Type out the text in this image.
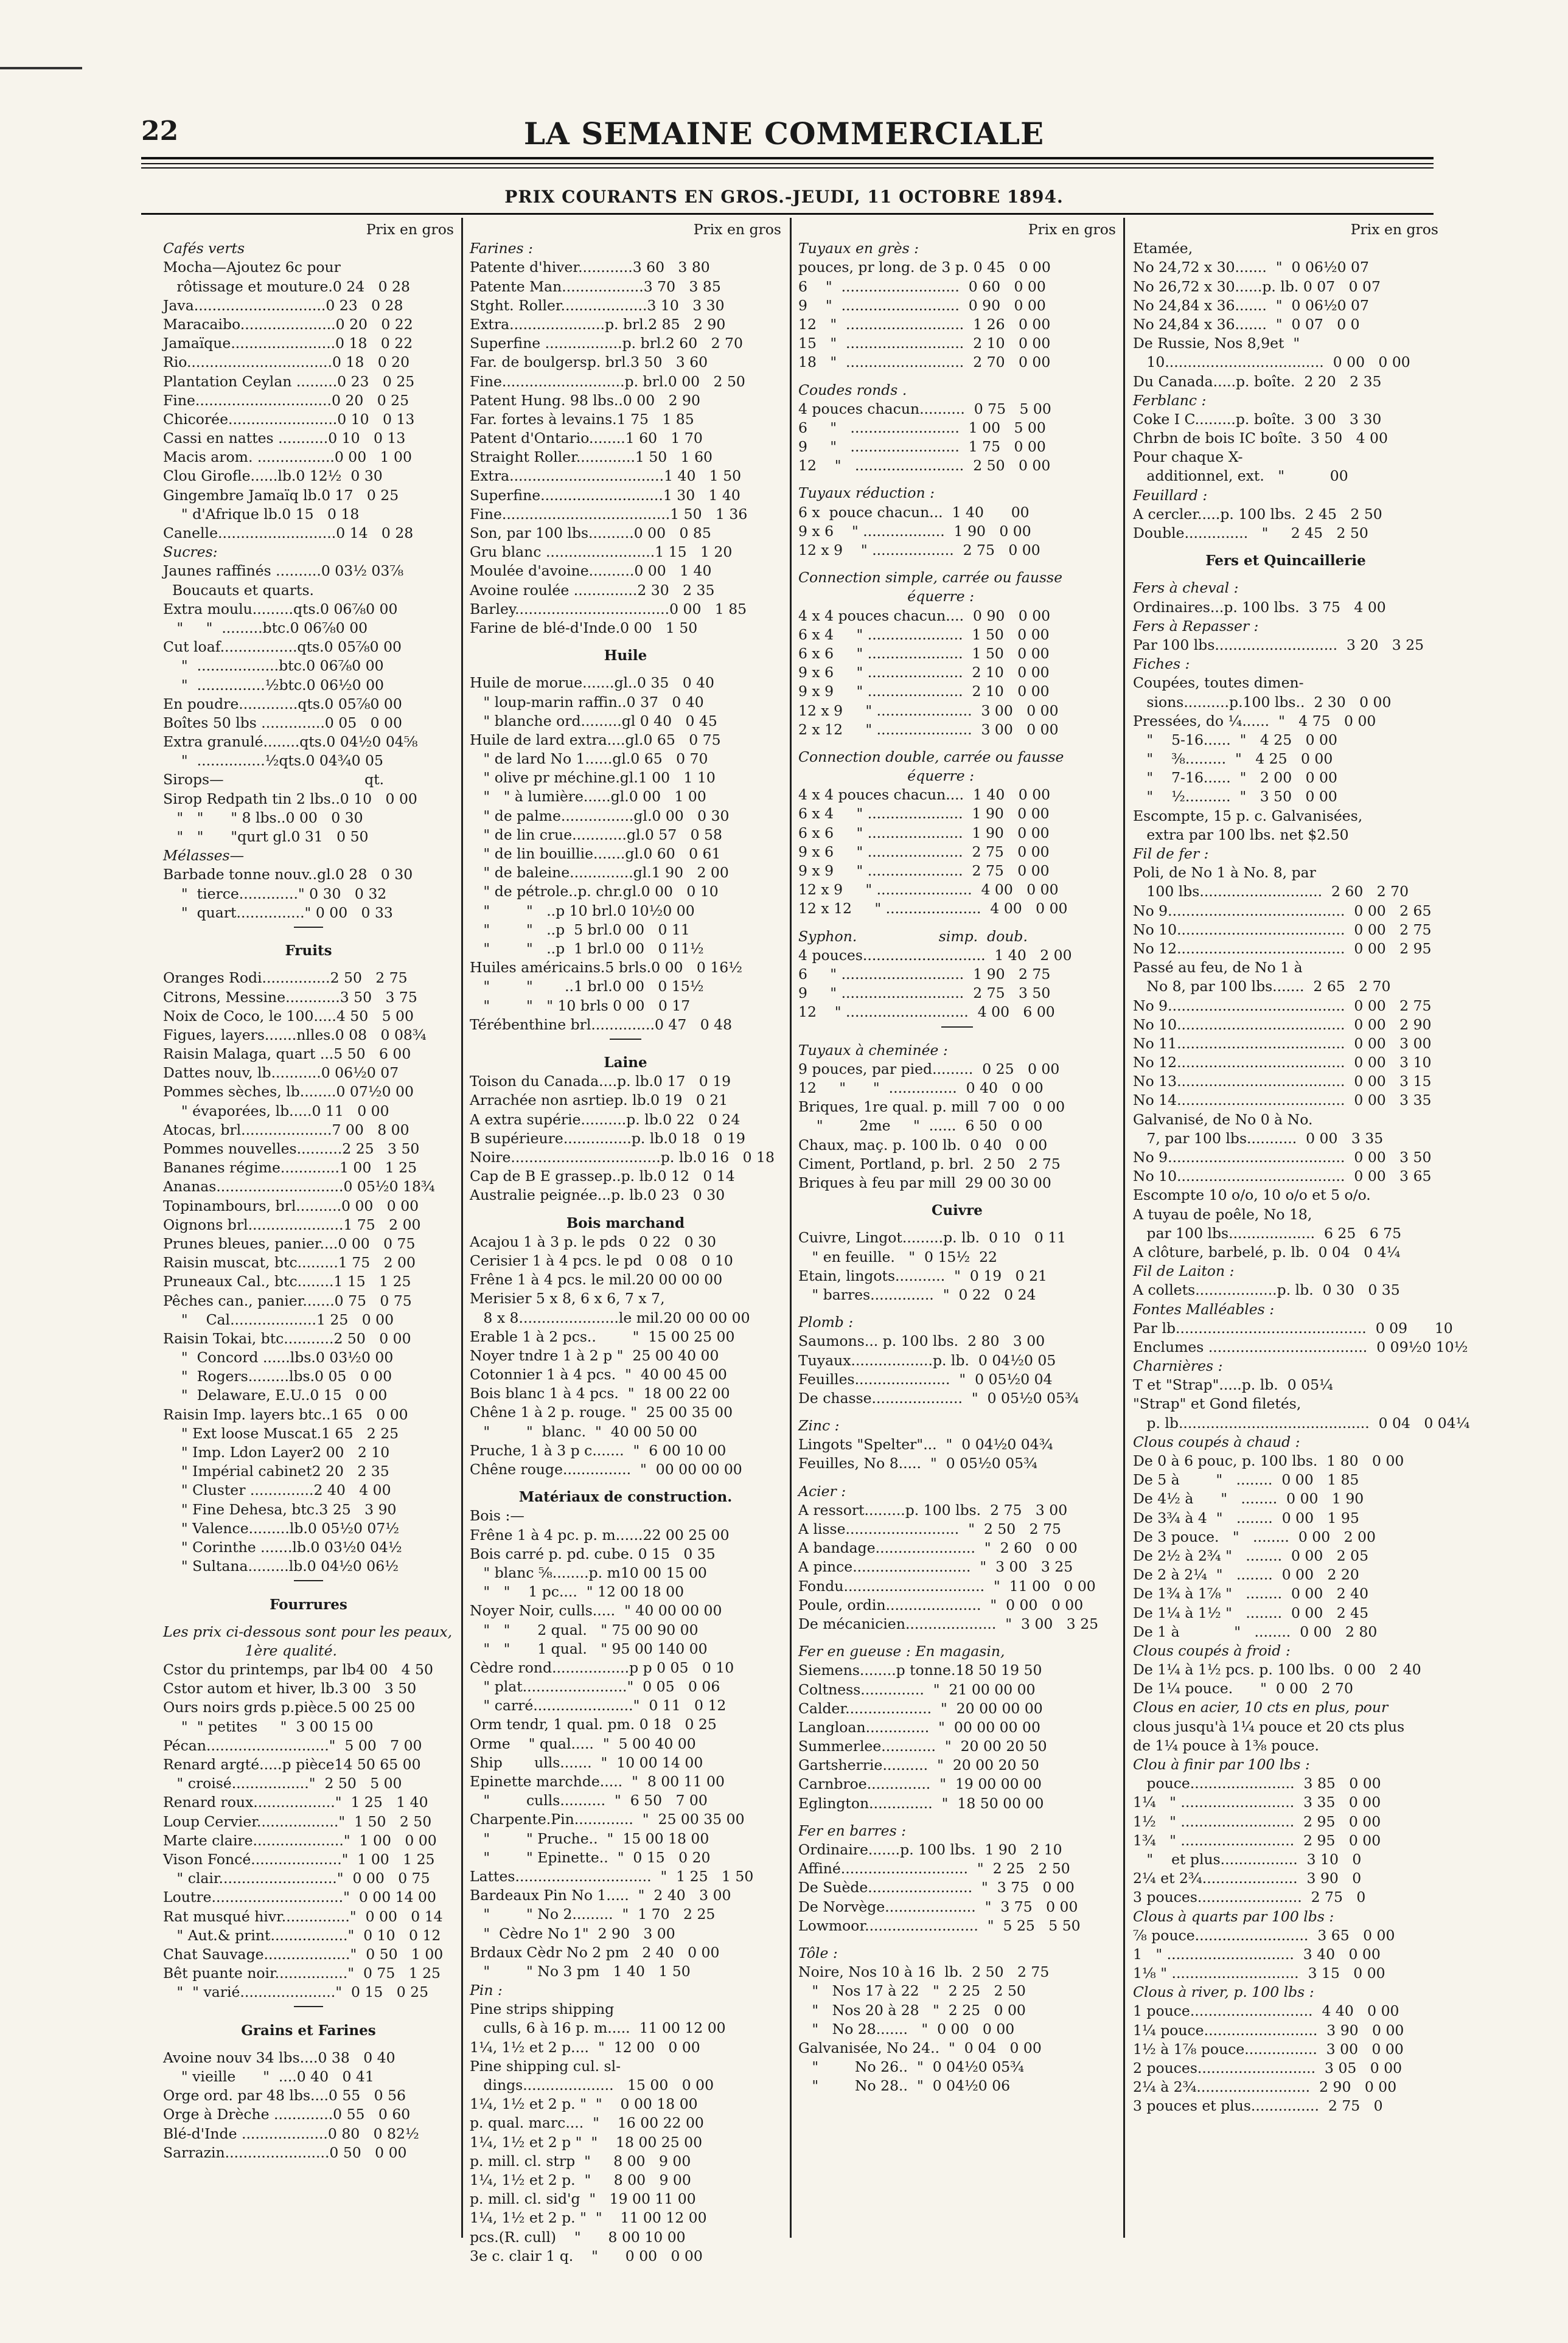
22	LA SEMAINE COMMERCIALE
PRIX COURANTS EN GROS.-JEUDI, 11 OCTOBRE 1894.
Prix en gros
Cafés verts
Mocha—Ajoutez 6c pour
rôtissage et mouture.0 24   0 28
Java.............................0 23   0 28
Maracaibo.....................0 20   0 22
Jamaïque.......................0 18   0 22
Rio................................0 18   0 20
Plantation Ceylan .........0 23   0 25
Fine..............................0 20   0 25
Chicorée........................0 10   0 13
Cassi en nattes ...........0 10   0 13
Macis arom. .................0 00   1 00
Clou Girofle......lb.0 12½  0 30
Gingembre Jamaïq lb.0 17   0 25
" d'Afrique lb.0 15   0 18
Canelle..........................0 14   0 28
Sucres:
Jaunes raffinés ..........0 03½ 03⅞
Boucauts et quarts.
Extra moulu.........qts.0 06⅞0 00
"     "  .........btc.0 06⅞0 00
Cut loaf.................qts.0 05⅞0 00
"  ..................btc.0 06⅞0 00
"  ...............½btc.0 06½0 00
En poudre.............qts.0 05⅞0 00
Boîtes 50 lbs ..............0 05   0 00
Extra granulé........qts.0 04½0 04⅝
"  ...............½qts.0 04¾0 05
Sirops—                               qt.
Sirop Redpath tin 2 lbs..0 10   0 00
"   "      " 8 lbs..0 00   0 30
"   "      "qurt gl.0 31   0 50
Mélasses—
Barbade tonne nouv..gl.0 28   0 30
"  tierce............." 0 30   0 32
"  quart..............." 0 00   0 33
Fruits
Oranges Rodi...............2 50   2 75
Citrons, Messine............3 50   3 75
Noix de Coco, le 100.....4 50   5 00
Figues, layers.......nlles.0 08   0 08¾
Raisin Malaga, quart ...5 50   6 00
Dattes nouv, lb...........0 06½0 07
Pommes sèches, lb........0 07½0 00
" évaporées, lb.....0 11   0 00
Atocas, brl....................7 00   8 00
Pommes nouvelles..........2 25   3 50
Bananes régime.............1 00   1 25
Ananas............................0 05½0 18¾
Topinambours, brl..........0 00   0 00
Oignons brl.....................1 75   2 00
Prunes bleues, panier....0 00   0 75
Raisin muscat, btc.........1 75   2 00
Pruneaux Cal., btc........1 15   1 25
Pêches can., panier.......0 75   0 75
"    Cal...................1 25   0 00
Raisin Tokai, btc...........2 50   0 00
"  Concord ......lbs.0 03½0 00
"  Rogers.........lbs.0 05   0 00
"  Delaware, E.U..0 15   0 00
Raisin Imp. layers btc..1 65   0 00
" Ext loose Muscat.1 65   2 25
" Imp. Ldon Layer2 00   2 10
" Impérial cabinet2 20   2 35
" Cluster ..............2 40   4 00
" Fine Dehesa, btc.3 25   3 90
" Valence.........lb.0 05½0 07½
" Corinthe .......lb.0 03½0 04½
" Sultana.........lb.0 04½0 06½
Fourrures
Les prix ci-dessous sont pour les peaux,
1ère qualité.
Cstor du printemps, par lb4 00   4 50
Cstor autom et hiver, lb.3 00   3 50
Ours noirs grds p.pièce.5 00 25 00
"  " petites     "  3 00 15 00
Pécan..........................."  5 00   7 00
Renard argté.....p pièce14 50 65 00
" croisé................."  2 50   5 00
Renard roux.................."  1 25   1 40
Loup Cervier.................."  1 50   2 50
Marte claire...................."  1 00   0 00
Vison Foncé...................."  1 00   1 25
" clair.........................."  0 00   0 75
Loutre............................."  0 00 14 00
Rat musqué hivr..............."  0 00   0 14
" Aut.& print................."  0 10   0 12
Chat Sauvage..................."  0 50   1 00
Bêt puante noir................"  0 75   1 25
"  " varié....................."  0 15   0 25
Grains et Farines
Avoine nouv 34 lbs....0 38   0 40
" vieille      "  ....0 40   0 41
Orge ord. par 48 lbs....0 55   0 56
Orge à Drèche .............0 55   0 60
Blé-d'Inde ...................0 80   0 82½
Sarrazin.......................0 50   0 00
Prix en gros
Farines :
Patente d'hiver............3 60   3 80
Patente Man..................3 70   3 85
Stght. Roller...................3 10   3 30
Extra.....................p. brl.2 85   2 90
Superfine .................p. brl.2 60   2 70
Far. de boulgersp. brl.3 50   3 60
Fine...........................p. brl.0 00   2 50
Patent Hung. 98 lbs..0 00   2 90
Far. fortes à levains.1 75   1 85
Patent d'Ontario........1 60   1 70
Straight Roller.............1 50   1 60
Extra..................................1 40   1 50
Superfine...........................1 30   1 40
Fine.....................................1 50   1 36
Son, par 100 lbs..........0 00   0 85
Gru blanc ........................1 15   1 20
Moulée d'avoine..........0 00   1 40
Avoine roulée ..............2 30   2 35
Barley..................................0 00   1 85
Farine de blé-d'Inde.0 00   1 50
Huile
Huile de morue.......gl..0 35   0 40
" loup-marin raffin..0 37   0 40
" blanche ord.........gl 0 40   0 45
Huile de lard extra....gl.0 65   0 75
" de lard No 1......gl.0 65   0 70
" olive pr méchine.gl.1 00   1 10
"   " à lumière......gl.0 00   1 00
" de palme................gl.0 00   0 30
" de lin crue............gl.0 57   0 58
" de lin bouillie.......gl.0 60   0 61
" de baleine..............gl.1 90   2 00
" de pétrole..p. chr.gl.0 00   0 10
"        "   ..p 10 brl.0 10½0 00
"        "   ..p  5 brl.0 00   0 11
"        "   ..p  1 brl.0 00   0 11½
Huiles américains.5 brls.0 00   0 16½
"        "       ..1 brl.0 00   0 15½
"        "   " 10 brls 0 00   0 17
Térébenthine brl..............0 47   0 48
Laine
Toison du Canada....p. lb.0 17   0 19
Arrachée non asrtiep. lb.0 19   0 21
A extra supérie..........p. lb.0 22   0 24
B supérieure...............p. lb.0 18   0 19
Noire.................................p. lb.0 16   0 18
Cap de B E grassep..p. lb.0 12   0 14
Australie peignée...p. lb.0 23   0 30
Bois marchand
Acajou 1 à 3 p. le pds   0 22   0 30
Cerisier 1 à 4 pcs. le pd   0 08   0 10
Frêne 1 à 4 pcs. le mil.20 00 00 00
Merisier 5 x 8, 6 x 6, 7 x 7,
8 x 8......................le mil.20 00 00 00
Erable 1 à 2 pcs..        "  15 00 25 00
Noyer tndre 1 à 2 p "  25 00 40 00
Cotonnier 1 à 4 pcs.  "  40 00 45 00
Bois blanc 1 à 4 pcs.  "  18 00 22 00
Chêne 1 à 2 p. rouge. "  25 00 35 00
"        "  blanc.  "  40 00 50 00
Pruche, 1 à 3 p c.......  "  6 00 10 00
Chêne rouge...............  "  00 00 00 00
Matériaux de construction.
Bois :—
Frêne 1 à 4 pc. p. m......22 00 25 00
Bois carré p. pd. cube. 0 15   0 35
" blanc ⅝........p. m10 00 15 00
"   "    1 pc....  " 12 00 18 00
Noyer Noir, culls.....  " 40 00 00 00
"   "      2 qual.   " 75 00 90 00
"   "      1 qual.   " 95 00 140 00
Cèdre rond.................p p 0 05   0 10
" plat......................."  0 05   0 06
" carré......................"  0 11   0 12
Orm tendr, 1 qual. pm. 0 18   0 25
Orme    " qual.....  "  5 00 40 00
Ship       ulls.......  "  10 00 14 00
Epinette marchde.....  "  8 00 11 00
"        culls..........  "  6 50   7 00
Charpente.Pin.............  "  25 00 35 00
"        " Pruche..  "  15 00 18 00
"        " Epinette..  "  0 15   0 20
Lattes..............................  "  1 25   1 50
Bardeaux Pin No 1.....  "  2 40   3 00
"        " No 2.........  "  1 70   2 25
"  Cèdre No 1"  2 90   3 00
Brdaux Cèdr No 2 pm   2 40   0 00
"        " No 3 pm   1 40   1 50
Pin :
Pine strips shipping
culls, 6 à 16 p. m.....  11 00 12 00
1¼, 1½ et 2 p....  "  12 00   0 00
Pine shipping cul. sl-
dings....................   15 00   0 00
1¼, 1½ et 2 p. "  "    0 00 18 00
p. qual. marc....  "    16 00 22 00
1¼, 1½ et 2 p "  "    18 00 25 00
p. mill. cl. strp  "     8 00   9 00
1¼, 1½ et 2 p.  "     8 00   9 00
p. mill. cl. sid'g  "   19 00 11 00
1¼, 1½ et 2 p. "  "    11 00 12 00
pcs.(R. cull)    "      8 00 10 00
3e c. clair 1 q.    "      0 00   0 00
Prix en gros
Tuyaux en grès :
pouces, pr long. de 3 p. 0 45   0 00
6    "  ..........................  0 60   0 00
9    "  ..........................  0 90   0 00
12   "  ..........................  1 26   0 00
15   "  ..........................  2 10   0 00
18   "  ..........................  2 70   0 00
Coudes ronds .
4 pouces chacun..........  0 75   5 00
6     "   ........................  1 00   5 00
9     "   ........................  1 75   0 00
12    "   ........................  2 50   0 00
Tuyaux réduction :
6 x  pouce chacun...  1 40      00
9 x 6    " ..................  1 90   0 00
12 x 9    " ..................  2 75   0 00
Connection simple, carrée ou fausse
équerre :
4 x 4 pouces chacun....  0 90   0 00
6 x 4     " .....................  1 50   0 00
6 x 6     " .....................  1 50   0 00
9 x 6     " .....................  2 10   0 00
9 x 9     " .....................  2 10   0 00
12 x 9     " .....................  3 00   0 00
2 x 12     " .....................  3 00   0 00
Connection double, carrée ou fausse
équerre :
4 x 4 pouces chacun....  1 40   0 00
6 x 4     " .....................  1 90   0 00
6 x 6     " .....................  1 90   0 00
9 x 6     " .....................  2 75   0 00
9 x 9     " .....................  2 75   0 00
12 x 9     " .....................  4 00   0 00
12 x 12     " .....................  4 00   0 00
Syphon.                  simp.  doub.
4 pouces...........................  1 40   2 00
6     " ...........................  1 90   2 75
9     " ...........................  2 75   3 50
12    " ...........................  4 00   6 00
Tuyaux à cheminée :
9 pouces, par pied.........  0 25   0 00
12     "      "  ...............  0 40   0 00
Briques, 1re qual. p. mill  7 00   0 00
"        2me     "  ......  6 50   0 00
Chaux, maç. p. 100 lb.  0 40   0 00
Ciment, Portland, p. brl.  2 50   2 75
Briques à feu par mill  29 00 30 00
Cuivre
Cuivre, Lingot.........p. lb.  0 10   0 11
" en feuille.   "  0 15½  22
Etain, lingots...........  "  0 19   0 21
" barres..............  "  0 22   0 24
Plomb :
Saumons... p. 100 lbs.  2 80   3 00
Tuyaux..................p. lb.  0 04½0 05
Feuilles.....................  "  0 05½0 04
De chasse....................  "  0 05½0 05¾
Zinc :
Lingots "Spelter"...  "  0 04½0 04¾
Feuilles, No 8.....  "  0 05½0 05¾
Acier :
A ressort.........p. 100 lbs.  2 75   3 00
A lisse.........................  "  2 50   2 75
A bandage......................  "  2 60   0 00
A pince..........................  "  3 00   3 25
Fondu...............................  "  11 00   0 00
Poule, ordin.....................  "  0 00   0 00
De mécanicien....................  "  3 00   3 25
Fer en gueuse : En magasin,
Siemens........p tonne.18 50 19 50
Coltness..............  "  21 00 00 00
Calder...................  "  20 00 00 00
Langloan..............  "  00 00 00 00
Summerlee............  "  20 00 20 50
Gartsherrie..........  "  20 00 20 50
Carnbroe..............  "  19 00 00 00
Eglington..............  "  18 50 00 00
Fer en barres :
Ordinaire.......p. 100 lbs.  1 90   2 10
Affiné............................  "  2 25   2 50
De Suède.......................  "  3 75   0 00
De Norvège....................  "  3 75   0 00
Lowmoor.........................  "  5 25   5 50
Tôle :
Noire, Nos 10 à 16  lb.  2 50   2 75
"   Nos 17 à 22   "  2 25   2 50
"   Nos 20 à 28   "  2 25   0 00
"   No 28.......   "  0 00   0 00
Galvanisée, No 24..  "  0 04   0 00
"        No 26..  "  0 04½0 05¾
"        No 28..  "  0 04½0 06
Prix en gros
Etamée,
No 24,72 x 30.......  "  0 06½0 07
No 26,72 x 30......p. lb. 0 07   0 07
No 24,84 x 36.......  "  0 06½0 07
No 24,84 x 36.......  "  0 07   0 0
De Russie, Nos 8,9et  "
10...................................  0 00   0 00
Du Canada.....p. boîte.  2 20   2 35
Ferblanc :
Coke I C.........p. boîte.  3 00   3 30
Chrbn de bois IC boîte.  3 50   4 00
Pour chaque X-
additionnel, ext.   "          00
Feuillard :
A cercler.....p. 100 lbs.  2 45   2 50
Double..............   "     2 45   2 50
Fers et Quincaillerie
Fers à cheval :
Ordinaires...p. 100 lbs.  3 75   4 00
Fers à Repasser :
Par 100 lbs...........................  3 20   3 25
Fiches :
Coupées, toutes dimen-
sions..........p.100 lbs..  2 30   0 00
Pressées, do ¼......  "   4 75   0 00
"    5-16......  "   4 25   0 00
"    ⅜.........  "   4 25   0 00
"    7-16......  "   2 00   0 00
"    ½..........  "   3 50   0 00
Escompte, 15 p. c. Galvanisées,
extra par 100 lbs. net $2.50
Fil de fer :
Poli, de No 1 à No. 8, par
100 lbs...........................  2 60   2 70
No 9.......................................  0 00   2 65
No 10.....................................  0 00   2 75
No 12.....................................  0 00   2 95
Passé au feu, de No 1 à
No 8, par 100 lbs.......  2 65   2 70
No 9.......................................  0 00   2 75
No 10.....................................  0 00   2 90
No 11.....................................  0 00   3 00
No 12.....................................  0 00   3 10
No 13.....................................  0 00   3 15
No 14.....................................  0 00   3 35
Galvanisé, de No 0 à No.
7, par 100 lbs...........  0 00   3 35
No 9.......................................  0 00   3 50
No 10.....................................  0 00   3 65
Escompte 10 o/o, 10 o/o et 5 o/o.
A tuyau de poêle, No 18,
par 100 lbs...................  6 25   6 75
A clôture, barbelé, p. lb.  0 04   0 4¼
Fil de Laiton :
A collets..................p. lb.  0 30   0 35
Fontes Malléables :
Par lb..........................................  0 09      10
Enclumes ...................................  0 09½0 10½
Charnières :
T et "Strap".....p. lb.  0 05¼
"Strap" et Gond filetés,
p. lb..........................................  0 04   0 04¼
Clous coupés à chaud :
De 0 à 6 pouc, p. 100 lbs.  1 80   0 00
De 5 à        "   ........  0 00   1 85
De 4½ à      "   ........  0 00   1 90
De 3¾ à 4  "   ........  0 00   1 95
De 3 pouce.   "   ........  0 00   2 00
De 2½ à 2¾ "   ........  0 00   2 05
De 2 à 2¼  "   ........  0 00   2 20
De 1¾ à 1⅞ "   ........  0 00   2 40
De 1¼ à 1½ "   ........  0 00   2 45
De 1 à            "   ........  0 00   2 80
Clous coupés à froid :
De 1¼ à 1½ pcs. p. 100 lbs.  0 00   2 40
De 1¼ pouce.      "  0 00   2 70
Clous en acier, 10 cts en plus, pour
clous jusqu'à 1¼ pouce et 20 cts plus
de 1¼ pouce à 1⅜ pouce.
Clou à finir par 100 lbs :
pouce.......................  3 85   0 00
1¼   " .........................  3 35   0 00
1½   " .........................  2 95   0 00
1¾   " .........................  2 95   0 00
"    et plus.................  3 10   0
2¼ et 2¾.....................  3 90   0
3 pouces.......................  2 75   0
Clous à quarts par 100 lbs :
⅞ pouce.........................  3 65   0 00
1   " ............................  3 40   0 00
1⅛ " ............................  3 15   0 00
Clous à river, p. 100 lbs :
1 pouce...........................  4 40   0 00
1¼ pouce.........................  3 90   0 00
1½ à 1⅞ pouce................  3 00   0 00
2 pouces..........................  3 05   0 00
2¼ à 2¾.........................  2 90   0 00
3 pouces et plus...............  2 75   0
